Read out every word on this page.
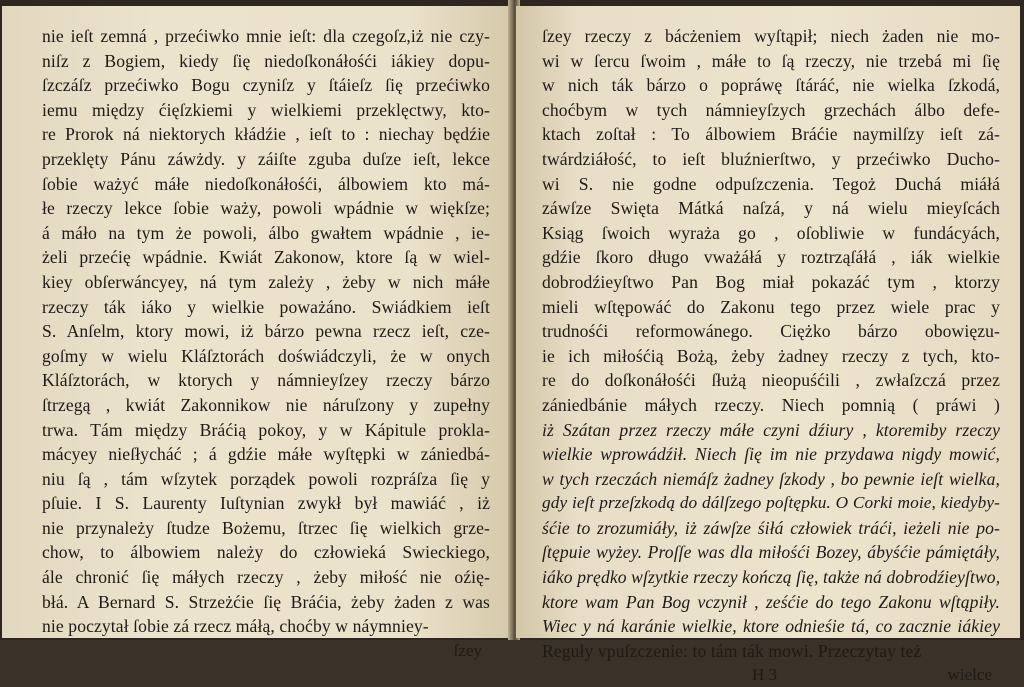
nie ieſt zemná , przećiwko mnie ieſt: dla czegoſz,iż nie czy-
niſz z Bogiem, kiedy ſię niedoſkonáłośći iákiey dopu-
ſzczáſz przećiwko Bogu czyniſz y ſtáieſz ſię przećiwko
iemu między ćięſzkiemi y wielkiemi przeklęctwy, kto-
re Prorok ná niektorych kłádźie , ieſt to : niechay będźie
przeklęty Pánu záwżdy. y záiſte zguba duſze ieſt, lekce
ſobie ważyć máłe niedoſkonáłośći, álbowiem kto má-
łe rzeczy lekce ſobie waży, powoli wpádnie w więkſze;
á máło na tym że powoli, álbo gwałtem wpádnie , ie-
żeli przećię wpádnie. Kwiát Zakonow, ktore ſą w wiel-
kiey obſerwáncyey, ná tym zależy , żeby w nich máłe
rzeczy ták iáko y wielkie poważáno. Swiádkiem ieſt
S. Anſelm, ktory mowi, iż bárzo pewna rzecz ieſt, cze-
goſmy w wielu Kláſztorách doświádczyli, że w onych
Kláſztorách, w ktorych y námnieyſzey rzeczy bárzo
ſtrzegą , kwiát Zakonnikow nie náruſzony y zupełny
trwa. Tám między Bráćią pokoy, y w Kápitule prokla-
mácyey nieſłycháć ; á gdźie máłe wyſtępki w zániedbá-
niu ſą , tám wſzytek porządek powoli rozpráſza ſię y
pſuie. I S. Laurenty Iuſtynian zwykł był mawiáć , iż
nie przynależy ſtudze Bożemu, ſtrzec ſię wielkich grze-
chow, to álbowiem należy do człowieká Swieckiego,
ále chronić ſię máłych rzeczy , żeby miłość nie oźię-
błá. A Bernard S. Strzeżćie ſię Bráćia, żeby żaden z was
nie poczytał ſobie zá rzecz máłą, choćby w náymniey-
ſzey
ſzey rzeczy z bácżeniem wyſtąpił; niech żaden nie mo-
wi w ſercu ſwoim , máłe to ſą rzeczy, nie trzebá mi ſię
w nich ták bárzo o popráwę ſtáráć, nie wielka ſzkodá,
choćbym w tych námnieyſzych grzechách álbo defe-
ktach zoſtał : To álbowiem Bráćie naymilſzy ieſt zá-
twárdziáłość, to ieſt bluźnierſtwo, y przećiwko Ducho-
wi S. nie godne odpuſzczenia. Tegoż Duchá miáłá
záwſze Swięta Mátká naſzá, y ná wielu mieyſcách
Ksiąg ſwoich wyraża go , oſobliwie w fundácyách,
gdźie ſkoro długo vważáłá y roztrząſáłá , iák wielkie
dobrodźieyſtwo Pan Bog miał pokazáć tym , ktorzy
mieli wſtępowáć do Zakonu tego przez wiele prac y
trudnośći reformowánego. Ciężko bárzo obowięzu-
ie ich miłośćią Bożą, żeby żadney rzeczy z tych, kto-
re do doſkonáłośći ſłużą nieopuśćili , zwłaſzczá przez
zániedbánie máłych rzeczy. Niech pomnią ( práwi )
iż Szátan przez rzeczy máłe czyni dźiury , ktoremiby rzeczy
wielkie wprowádźił. Niech ſię im nie przydawa nigdy mowić,
w tych rzeczách niemáſz żadney ſzkody , bo pewnie ieſt wielka,
gdy ieſt przeſzkodą do dálſzego poſtępku. O Corki moie, kiedyby-
śćie to zrozumiáły, iż záwſze śiłá człowiek tráći, ieżeli nie po-
ſtępuie wyżey. Proſſe was dla miłośći Bozey, ábyśćie pámiętáły,
iáko prędko wſzytkie rzeczy kończą ſię, także ná dobrodźieyſtwo,
ktore wam Pan Bog vczynił , ześćie do tego Zakonu wſtąpiły.
Wiec y ná karánie wielkie, ktore odnieśie tá, co zacznie iákiey
Reguły vpuſzczenie: to tám ták mowi. Przeczytay też
H 3	wielce
